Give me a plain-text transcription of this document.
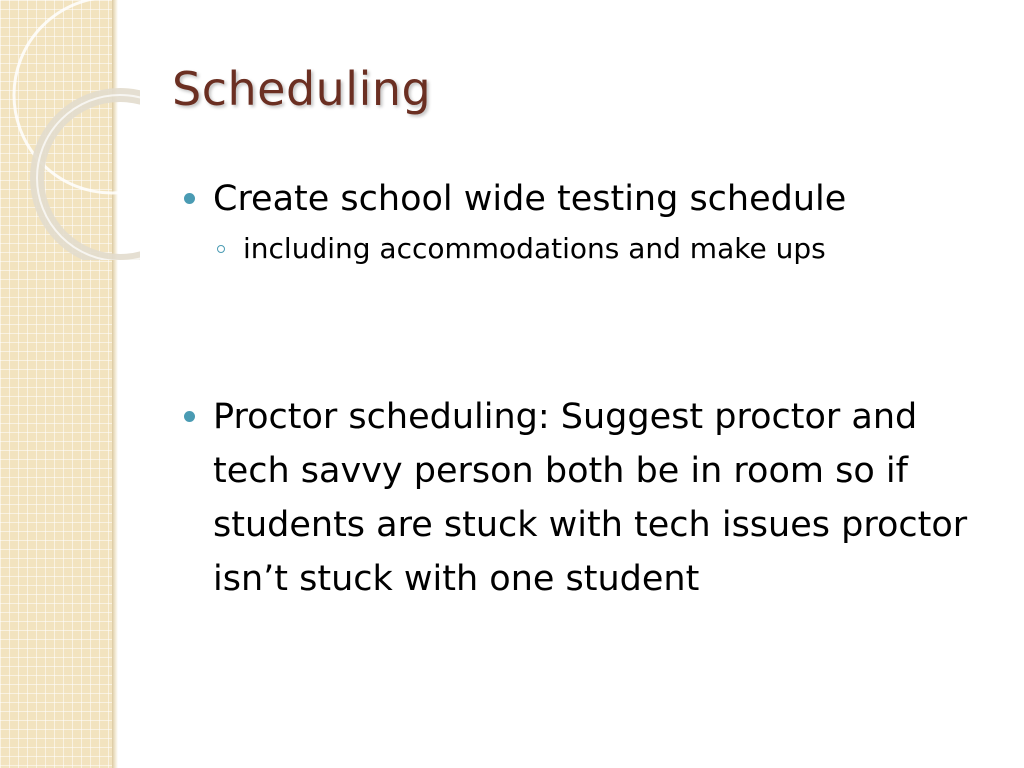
Scheduling
Create school wide testing schedule
including accommodations and make ups
Proctor scheduling: Suggest proctor and tech savvy person both be in room so if students are stuck with tech issues proctor isn’t stuck with one student
